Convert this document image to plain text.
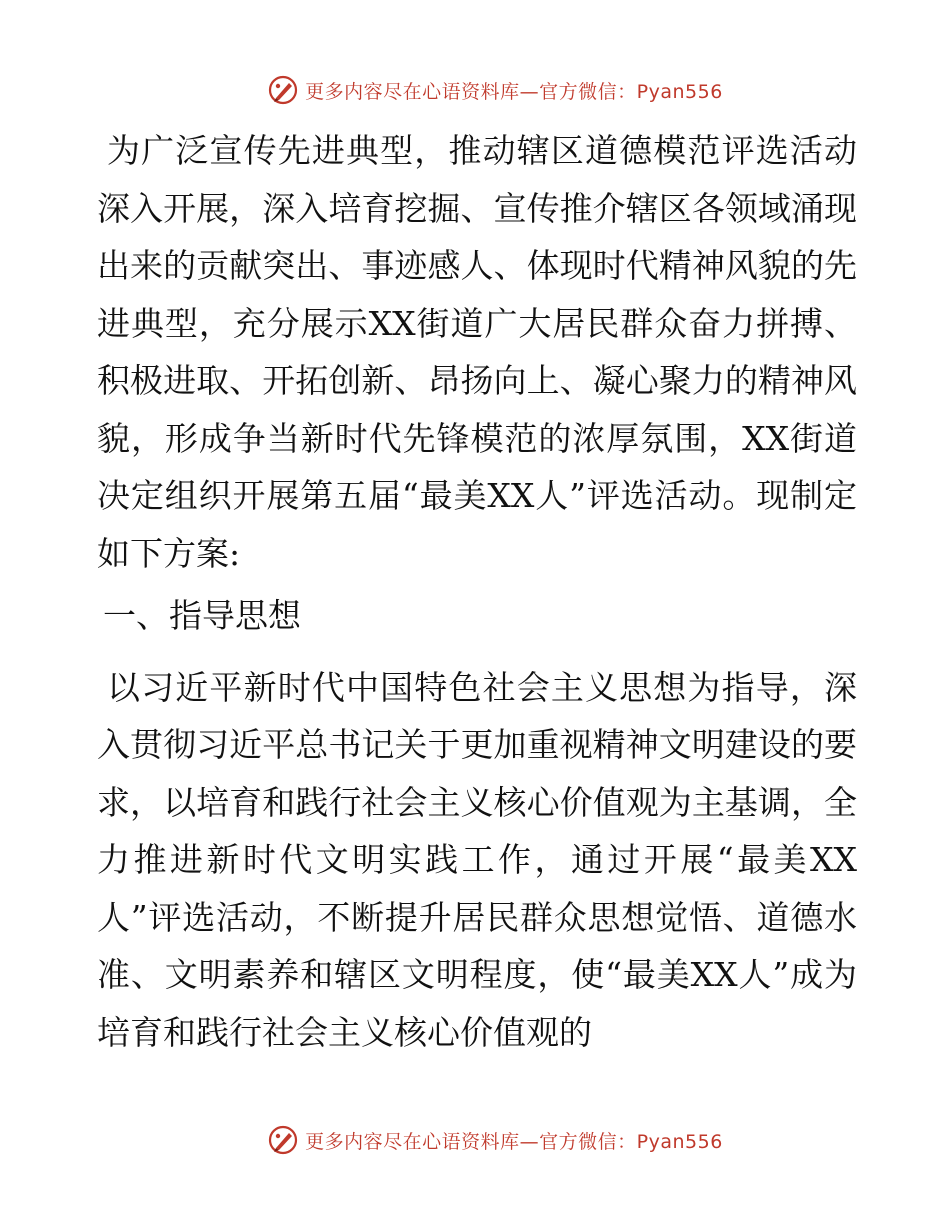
更多内容尽在心语资料库—官方微信：Pyan556

为广泛宣传先进典型，推动辖区道德模范评选活动深入开展，深入培育挖掘、宣传推介辖区各领域涌现出来的贡献突出、事迹感人、体现时代精神风貌的先进典型，充分展示XX街道广大居民群众奋力拼搏、积极进取、开拓创新、昂扬向上、凝心聚力的精神风貌，形成争当新时代先锋模范的浓厚氛围，XX街道决定组织开展第五届“最美XX人”评选活动。现制定如下方案:

一、指导思想

以习近平新时代中国特色社会主义思想为指导，深入贯彻习近平总书记关于更加重视精神文明建设的要求，以培育和践行社会主义核心价值观为主基调，全力推进新时代文明实践工作，通过开展“最美XX人”评选活动，不断提升居民群众思想觉悟、道德水准、文明素养和辖区文明程度，使“最美XX人”成为培育和践行社会主义核心价值观的

更多内容尽在心语资料库—官方微信：Pyan556
